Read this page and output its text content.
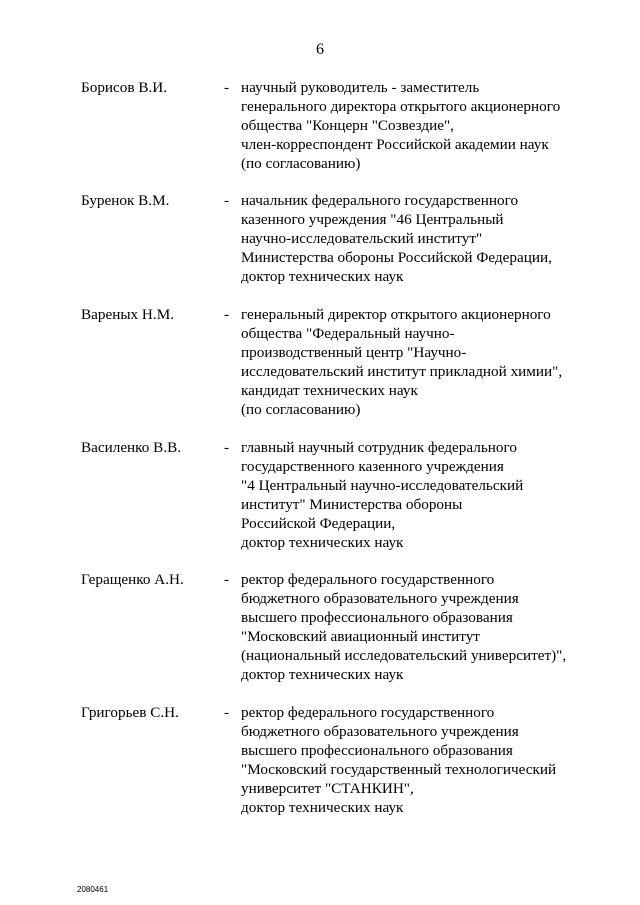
6
Борисов В.И.	- научный руководитель - заместитель
генерального директора открытого акционерного
общества "Концерн "Созвездие",
член-корреспондент Российской академии наук
(по согласованию)
Буренок В.М.	- начальник федерального государственного
казенного учреждения "46 Центральный
научно-исследовательский институт"
Министерства обороны Российской Федерации,
доктор технических наук
Вареных Н.М.	- генеральный директор открытого акционерного
общества "Федеральный научно-
производственный центр "Научно-
исследовательский институт прикладной химии",
кандидат технических наук
(по согласованию)
Василенко В.В.	- главный научный сотрудник федерального
государственного казенного учреждения
"4 Центральный научно-исследовательский
институт" Министерства обороны
Российской Федерации,
доктор технических наук
Геращенко А.Н.	- ректор федерального государственного
бюджетного образовательного учреждения
высшего профессионального образования
"Московский авиационный институт
(национальный исследовательский университет)",
доктор технических наук
Григорьев С.Н.	- ректор федерального государственного
бюджетного образовательного учреждения
высшего профессионального образования
"Московский государственный технологический
университет "СТАНКИН",
доктор технических наук
2080461
